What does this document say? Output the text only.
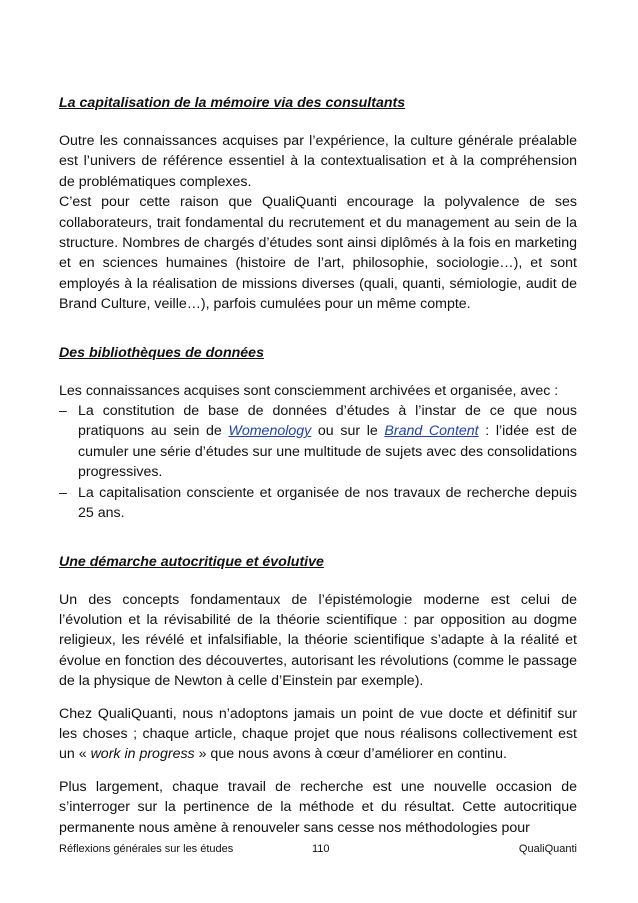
La capitalisation de la mémoire via des consultants

Outre les connaissances acquises par l’expérience, la culture générale préalable est l’univers de référence essentiel à la contextualisation et à la compréhension de problématiques complexes.

C’est pour cette raison que QualiQuanti encourage la polyvalence de ses collaborateurs, trait fondamental du recrutement et du management au sein de la structure. Nombres de chargés d’études sont ainsi diplômés à la fois en marketing et en sciences humaines (histoire de l’art, philosophie, sociologie…), et sont employés à la réalisation de missions diverses (quali, quanti, sémiologie, audit de Brand Culture, veille…), parfois cumulées pour un même compte.

Des bibliothèques de données

Les connaissances acquises sont consciemment archivées et organisée, avec :

– La constitution de base de données d’études à l’instar de ce que nous pratiquons au sein de Womenology ou sur le Brand Content : l’idée est de cumuler une série d’études sur une multitude de sujets avec des consolidations progressives.
– La capitalisation consciente et organisée de nos travaux de recherche depuis 25 ans.

Une démarche autocritique et évolutive

Un des concepts fondamentaux de l’épistémologie moderne est celui de l’évolution et la révisabilité de la théorie scientifique : par opposition au dogme religieux, les révélé et infalsifiable, la théorie scientifique s’adapte à la réalité et évolue en fonction des découvertes, autorisant les révolutions (comme le passage de la physique de Newton à celle d’Einstein par exemple).

Chez QualiQuanti, nous n’adoptons jamais un point de vue docte et définitif sur les choses ; chaque article, chaque projet que nous réalisons collectivement est un « work in progress » que nous avons à cœur d’améliorer en continu.

Plus largement, chaque travail de recherche est une nouvelle occasion de s’interroger sur la pertinence de la méthode et du résultat. Cette autocritique permanente nous amène à renouveler sans cesse nos méthodologies pour

Réflexions générales sur les études	110	QualiQuanti
